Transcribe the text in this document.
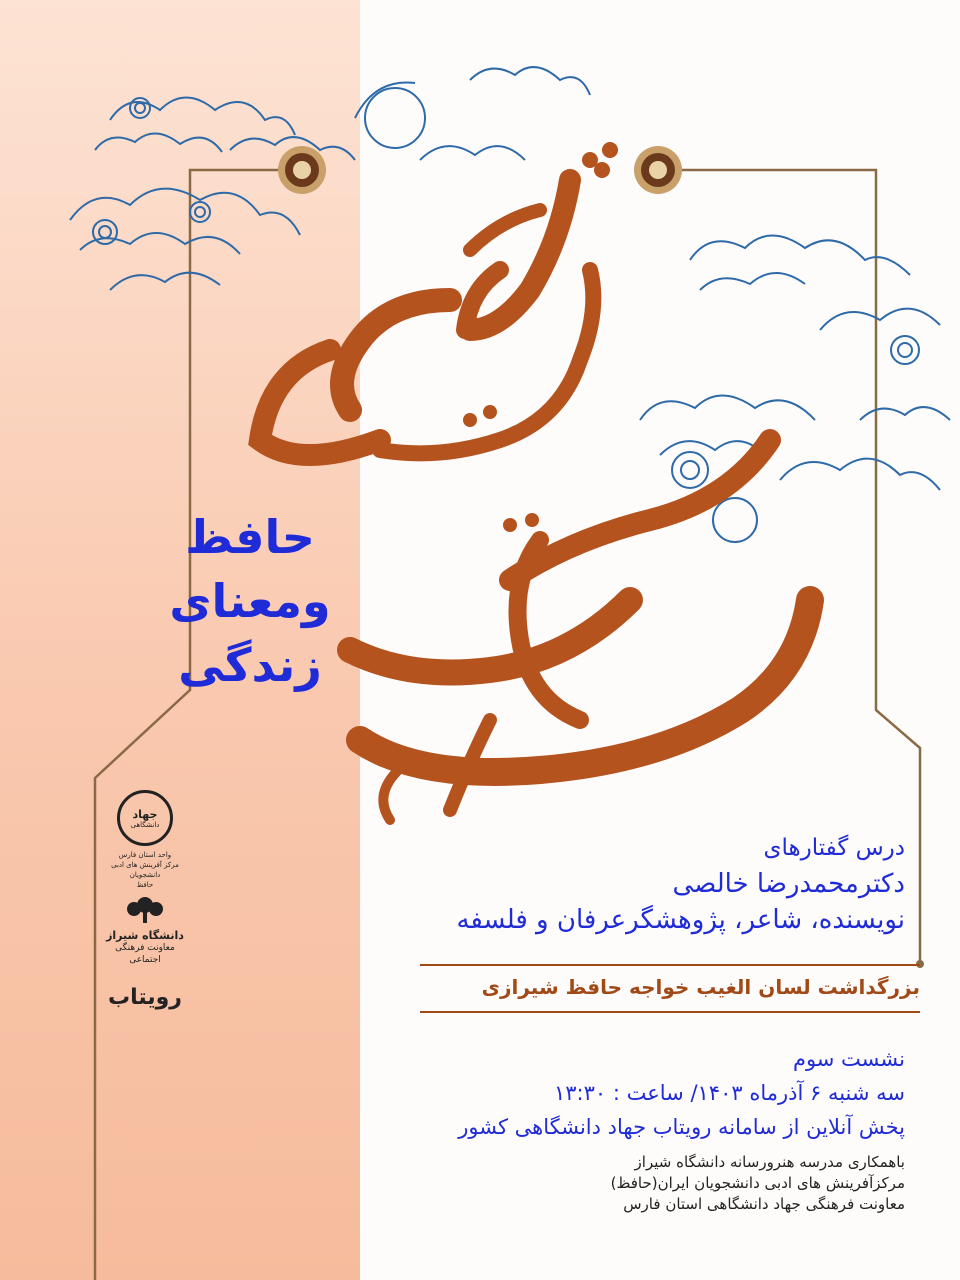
حافظ
ومعنای
زندگی
درس گفتارهای
دکترمحمدرضا خالصی
نویسنده، شاعر، پژوهشگرعرفان و فلسفه
بزرگداشت لسان الغیب خواجه حافظ شیرازی
نشست سوم
سه شنبه ۶ آذرماه ۱۴۰۳/ ساعت : ۱۳:۳۰
پخش آنلاین از سامانه رویتاب جهاد دانشگاهی کشور
باهمکاری مدرسه هنرورسانه دانشگاه شیراز
مرکزآفرینش های ادبی دانشجویان ایران(حافظ)
معاونت فرهنگی جهاد دانشگاهی استان فارس
جهاد
دانشگاهی
واحد استان فارس
مرکز آفرینش های ادبی دانشجویان
حافظ
دانشگاه شیراز
معاونت فرهنگی اجتماعی
رویتاب
